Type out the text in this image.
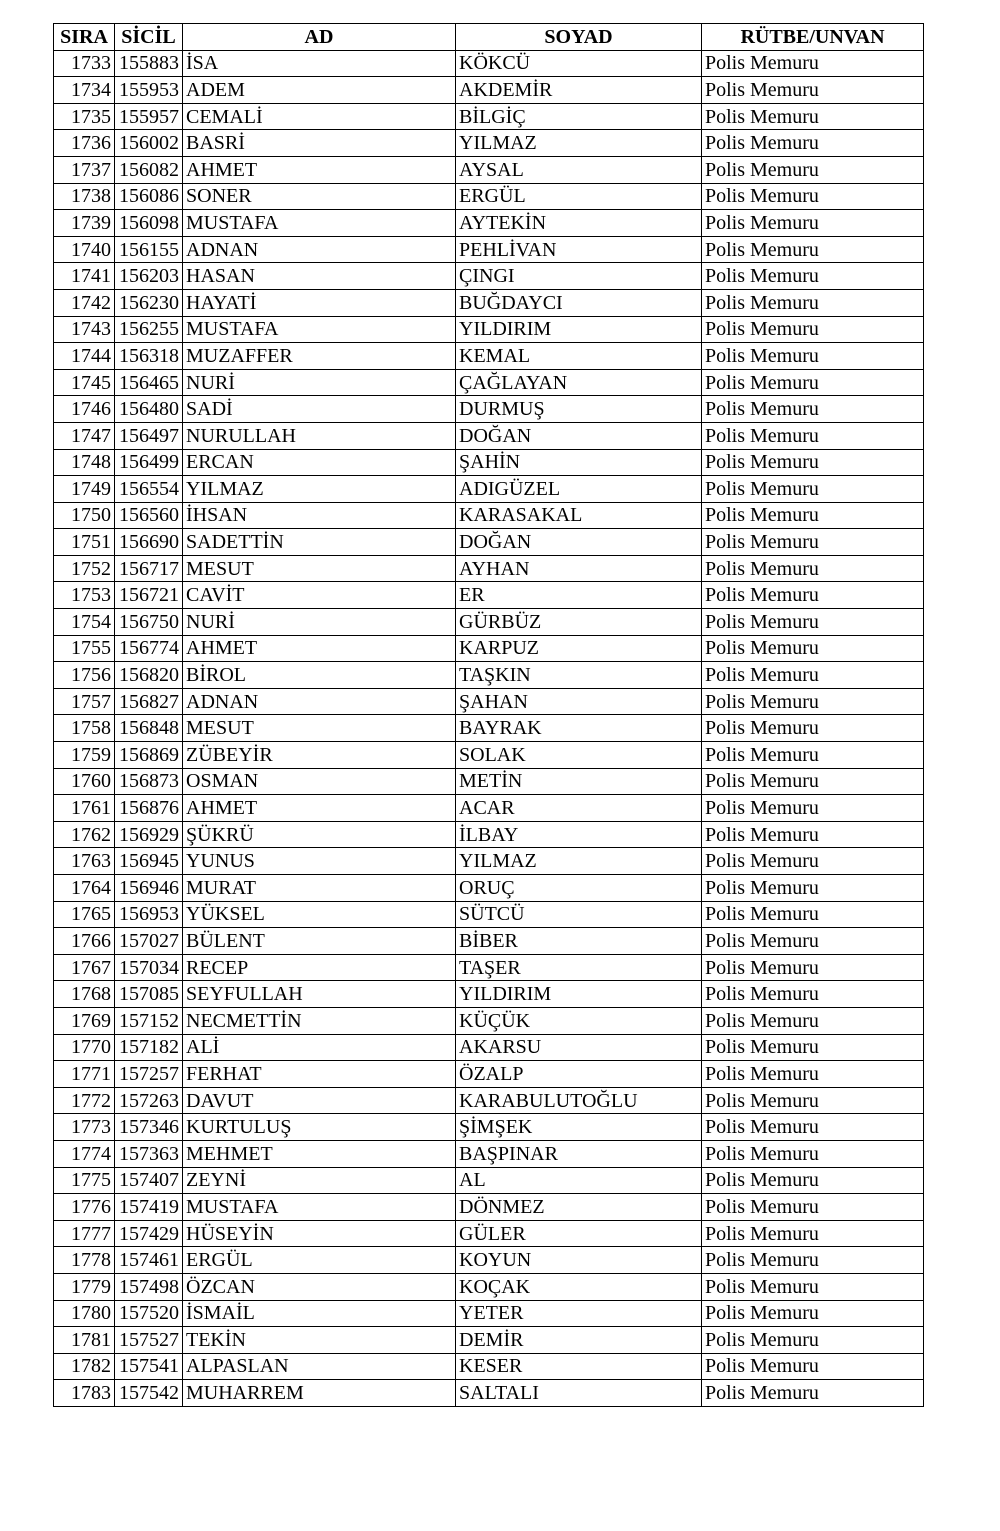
SIRA	SİCİL	AD	SOYAD	RÜTBE/UNVAN
1733	155883	İSA	KÖKCÜ	Polis Memuru
1734	155953	ADEM	AKDEMİR	Polis Memuru
1735	155957	CEMALİ	BİLGİÇ	Polis Memuru
1736	156002	BASRİ	YILMAZ	Polis Memuru
1737	156082	AHMET	AYSAL	Polis Memuru
1738	156086	SONER	ERGÜL	Polis Memuru
1739	156098	MUSTAFA	AYTEKİN	Polis Memuru
1740	156155	ADNAN	PEHLİVAN	Polis Memuru
1741	156203	HASAN	ÇINGI	Polis Memuru
1742	156230	HAYATİ	BUĞDAYCI	Polis Memuru
1743	156255	MUSTAFA	YILDIRIM	Polis Memuru
1744	156318	MUZAFFER	KEMAL	Polis Memuru
1745	156465	NURİ	ÇAĞLAYAN	Polis Memuru
1746	156480	SADİ	DURMUŞ	Polis Memuru
1747	156497	NURULLAH	DOĞAN	Polis Memuru
1748	156499	ERCAN	ŞAHİN	Polis Memuru
1749	156554	YILMAZ	ADIGÜZEL	Polis Memuru
1750	156560	İHSAN	KARASAKAL	Polis Memuru
1751	156690	SADETTİN	DOĞAN	Polis Memuru
1752	156717	MESUT	AYHAN	Polis Memuru
1753	156721	CAVİT	ER	Polis Memuru
1754	156750	NURİ	GÜRBÜZ	Polis Memuru
1755	156774	AHMET	KARPUZ	Polis Memuru
1756	156820	BİROL	TAŞKIN	Polis Memuru
1757	156827	ADNAN	ŞAHAN	Polis Memuru
1758	156848	MESUT	BAYRAK	Polis Memuru
1759	156869	ZÜBEYİR	SOLAK	Polis Memuru
1760	156873	OSMAN	METİN	Polis Memuru
1761	156876	AHMET	ACAR	Polis Memuru
1762	156929	ŞÜKRÜ	İLBAY	Polis Memuru
1763	156945	YUNUS	YILMAZ	Polis Memuru
1764	156946	MURAT	ORUÇ	Polis Memuru
1765	156953	YÜKSEL	SÜTCÜ	Polis Memuru
1766	157027	BÜLENT	BİBER	Polis Memuru
1767	157034	RECEP	TAŞER	Polis Memuru
1768	157085	SEYFULLAH	YILDIRIM	Polis Memuru
1769	157152	NECMETTİN	KÜÇÜK	Polis Memuru
1770	157182	ALİ	AKARSU	Polis Memuru
1771	157257	FERHAT	ÖZALP	Polis Memuru
1772	157263	DAVUT	KARABULUTOĞLU	Polis Memuru
1773	157346	KURTULUŞ	ŞİMŞEK	Polis Memuru
1774	157363	MEHMET	BAŞPINAR	Polis Memuru
1775	157407	ZEYNİ	AL	Polis Memuru
1776	157419	MUSTAFA	DÖNMEZ	Polis Memuru
1777	157429	HÜSEYİN	GÜLER	Polis Memuru
1778	157461	ERGÜL	KOYUN	Polis Memuru
1779	157498	ÖZCAN	KOÇAK	Polis Memuru
1780	157520	İSMAİL	YETER	Polis Memuru
1781	157527	TEKİN	DEMİR	Polis Memuru
1782	157541	ALPASLAN	KESER	Polis Memuru
1783	157542	MUHARREM	SALTALI	Polis Memuru
